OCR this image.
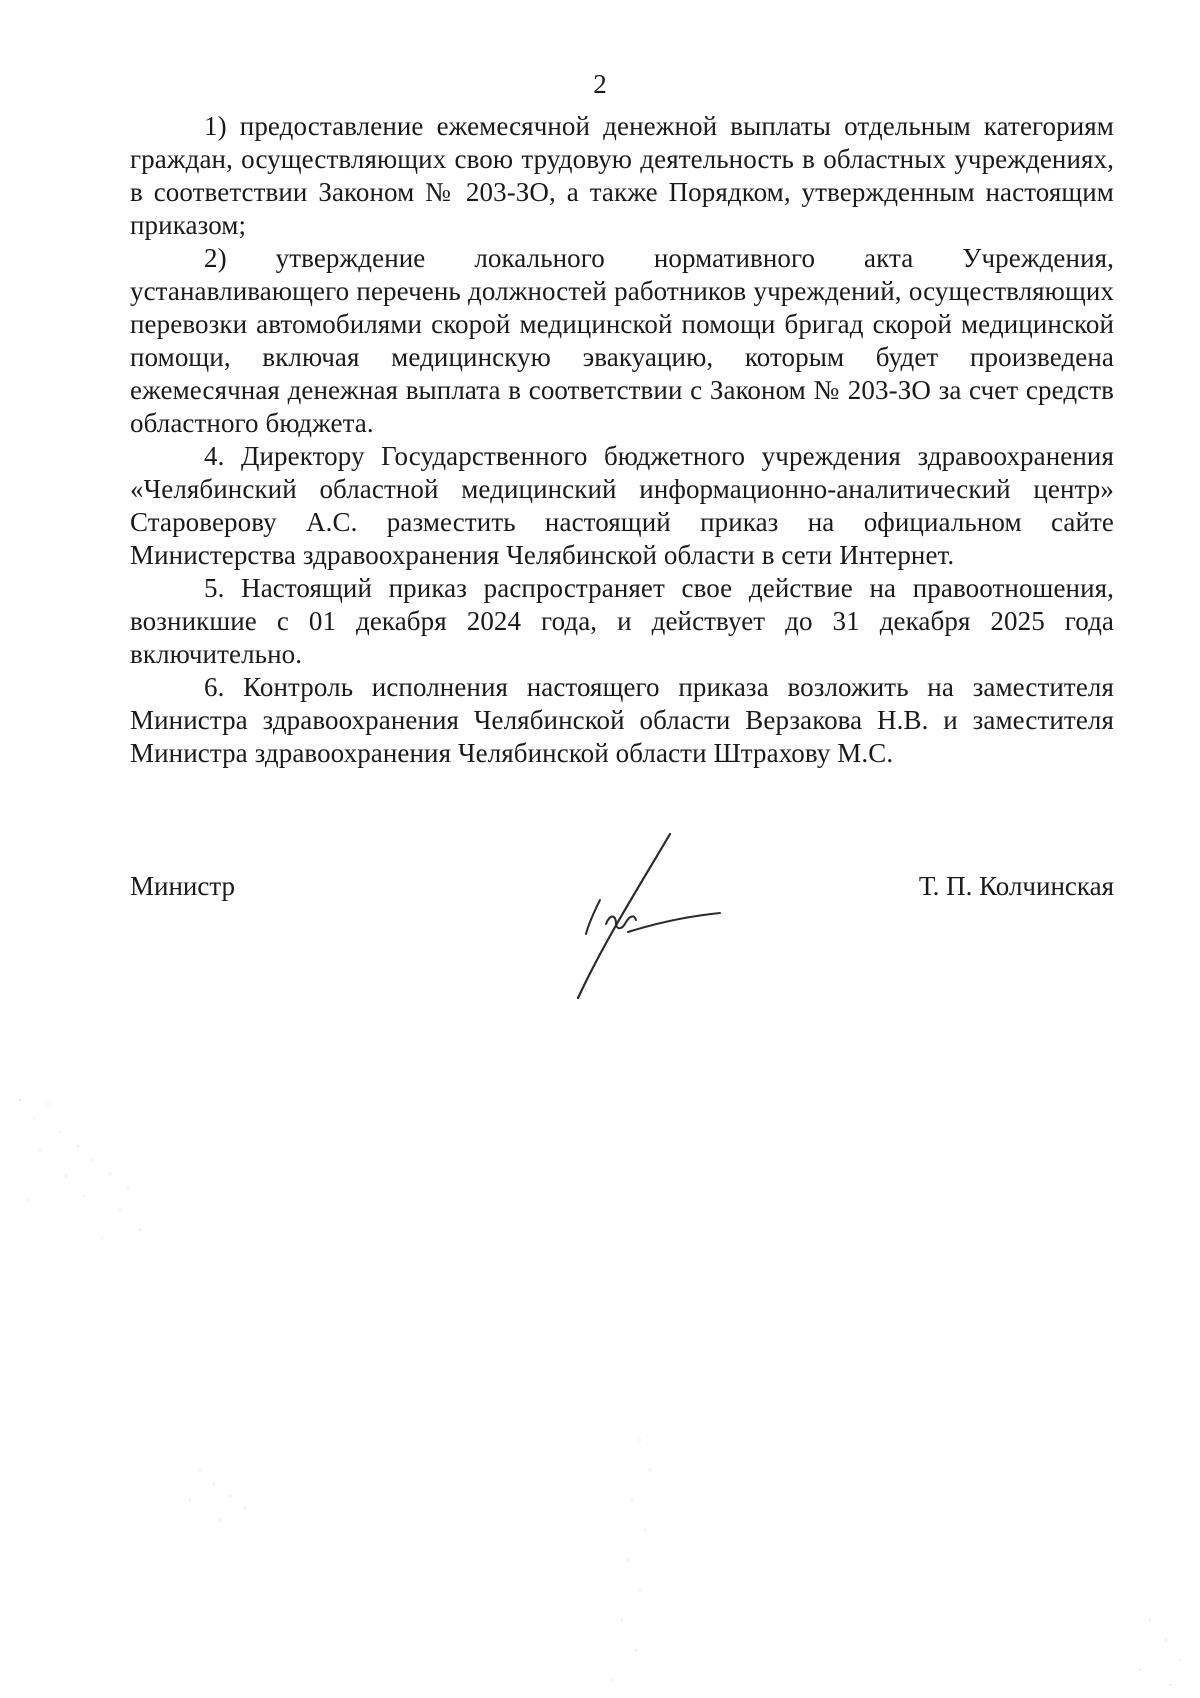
2

1) предоставление ежемесячной денежной выплаты отдельным категориям граждан, осуществляющих свою трудовую деятельность в областных учреждениях, в соответствии Законом № 203-ЗО, а также Порядком, утвержденным настоящим приказом;

2) утверждение локального нормативного акта Учреждения, устанавливающего перечень должностей работников учреждений, осуществляющих перевозки автомобилями скорой медицинской помощи бригад скорой медицинской помощи, включая медицинскую эвакуацию, которым будет произведена ежемесячная денежная выплата в соответствии с Законом № 203-ЗО за счет средств областного бюджета.

4. Директору Государственного бюджетного учреждения здравоохранения «Челябинский областной медицинский информационно-аналитический центр» Староверову А.С. разместить настоящий приказ на официальном сайте Министерства здравоохранения Челябинской области в сети Интернет.

5. Настоящий приказ распространяет свое действие на правоотношения, возникшие с 01 декабря 2024 года, и действует до 31 декабря 2025 года включительно.

6. Контроль исполнения настоящего приказа возложить на заместителя Министра здравоохранения Челябинской области Верзакова Н.В. и заместителя Министра здравоохранения Челябинской области Штрахову М.С.

Министр	Т. П. Колчинская
